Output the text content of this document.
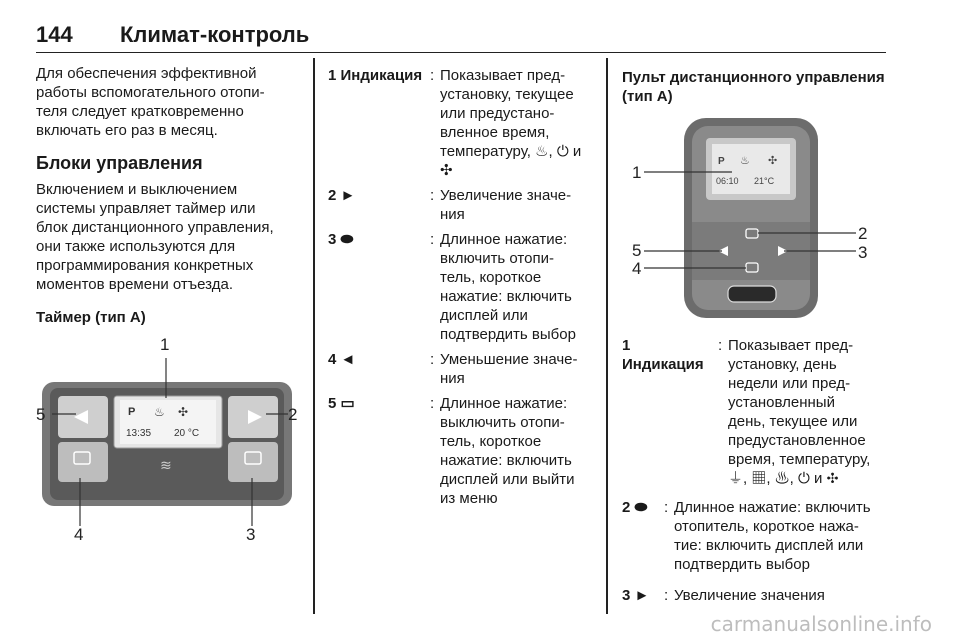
144 Климат-контроль

Для обеспечения эффективной

работы вспомогательного отопи-

теля следует кратковременно

включать его раз в месяц.

Блоки управления

Включением и выключением

системы управляет таймер или

блок дистанционного управления,

они также используются для

программирования конкретных

моментов времени отъезда.

Таймер (тип А)
P ♨ ✣
13:35 20 °C
≋
1
5	2
4	3
1 Индикация : Показывает пред-
установку, текущее
или предустано-
вленное время,
температуру, ♨, ⏻ и
✣
2 ►	: Увеличение значе-
ния
3 ⬬	: Длинное нажатие:
включить отопи-
тель, короткое
нажатие: включить
дисплей или
подтвердить выбор
4 ◄	: Уменьшение значе-
ния
5 ▭	: Длинное нажатие:
выключить отопи-
тель, короткое
нажатие: включить
дисплей или выйти
из меню
Пульт дистанционного управления
(тип А)
P ♨ ✣
06:10 21°C
1
2
3
5
4
1
Индикация
: Показывает пред-
установку, день
недели или пред-
установленный
день, текущее или
предустановленное
время, температуру,
⏚, ▦, ♨, ⏻ и ✣
2 ⬬ : Длинное нажатие: включить
отопитель, короткое нажа-
тие: включить дисплей или
подтвердить выбор
3 ► : Увеличение значения
carmanualsonline.info
